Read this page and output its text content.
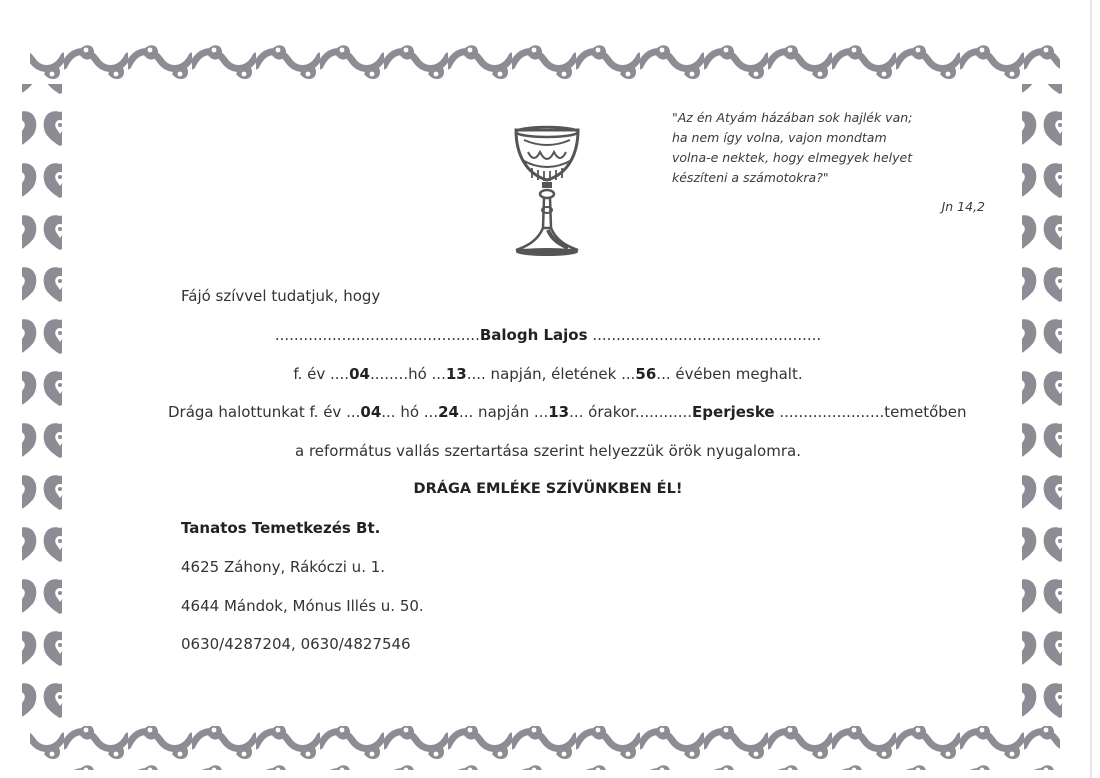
"Az én Atyám házában sok hajlék van;
ha nem így volna, vajon mondtam
volna-e nektek, hogy elmegyek helyet
készíteni a számotokra?"
Jn 14,2
Fájó szívvel tudatjuk, hogy
...........................................Balogh Lajos ................................................
f. év ....04........hó ...13.... napján, életének ...56... évében meghalt.
Drága halottunkat f. év ...04... hó ...24... napján ...13... órakor............Eperjeske ......................temetőben
a református vallás szertartása szerint helyezzük örök nyugalomra.
DRÁGA EMLÉKE SZÍVÜNKBEN ÉL!
Tanatos Temetkezés Bt.
4625 Záhony, Rákóczi u. 1.
4644 Mándok, Mónus Illés u. 50.
0630/4287204, 0630/4827546
